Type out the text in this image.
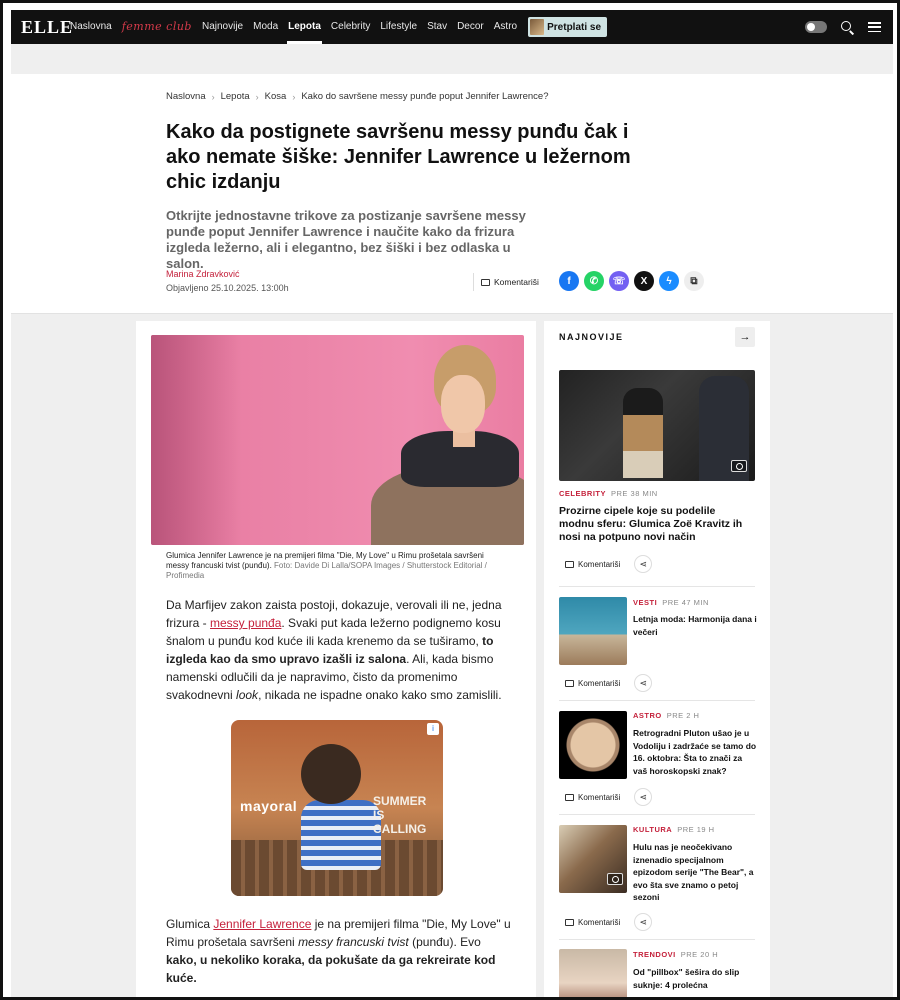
ELLE
Naslovna femme club	Najnovije	Moda	Lepota	Celebrity	Lifestyle	Stav	Decor	Astro	Pretplati se
Naslovna › Lepota › Kosa › Kako do savršene messy punđe poput Jennifer Lawrence?
Kako da postignete savršenu messy punđu čak i ako nemate šiške: Jennifer Lawrence u ležernom chic izdanju

Otkrijte jednostavne trikove za postizanje savršene messy punđe poput Jennifer Lawrence i naučite kako da frizura izgleda ležerno, ali i elegantno, bez šiški i bez odlaska u salon.

Marina Zdravković
Objavljeno 25.10.2025. 13:00h
Komentariši	f	✆	☏	X	ϟ	⧉
Glumica Jennifer Lawrence je na premijeri filma "Die, My Love" u Rimu prošetala savršeni messy francuski tvist (punđu). Foto: Davide Di Lalla/SOPA Images / Shutterstock Editorial / Profimedia

Da Marfijev zakon zaista postoji, dokazuje, verovali ili ne, jedna frizura - messy punđa. Svaki put kada ležerno podignemo kosu šnalom u punđu kod kuće ili kada krenemo da se tuširamo, to izgleda kao da smo upravo izašli iz salona. Ali, kada bismo namenski odlučili da je napravimo, čisto da promenimo svakodnevni look, nikada ne ispadne onako kako smo zamislili.

mayoral	SUMMER IS CALLING
i

Glumica Jennifer Lawrence je na premijeri filma "Die, My Love" u Rimu prošetala savršeni messy francuski tvist (punđu). Evo kako, u nekoliko koraka, da pokušate da ga rekreirate kod kuće.

NAJNOVIJE	→
CELEBRITY PRE 38 MIN
Prozirne cipele koje su podelile modnu sferu: Glumica Zoë Kravitz ih nosi na potpuno novi način
Komentariši	⋖
VESTI PRE 47 MIN
Letnja moda: Harmonija dana i večeri
Komentariši	⋖
ASTRO PRE 2 H
Retrogradni Pluton ušao je u Vodoliju i zadržaće se tamo do 16. oktobra: Šta to znači za vaš horoskopski znak?
Komentariši	⋖
KULTURA PRE 19 H
Hulu nas je neočekivano iznenadio specijalnom epizodom serije "The Bear", a evo šta sve znamo o petoj sezoni
Komentariši	⋖
TRENDOVI PRE 20 H
Od "pillbox" šešira do slip suknje: 4 prolećna
